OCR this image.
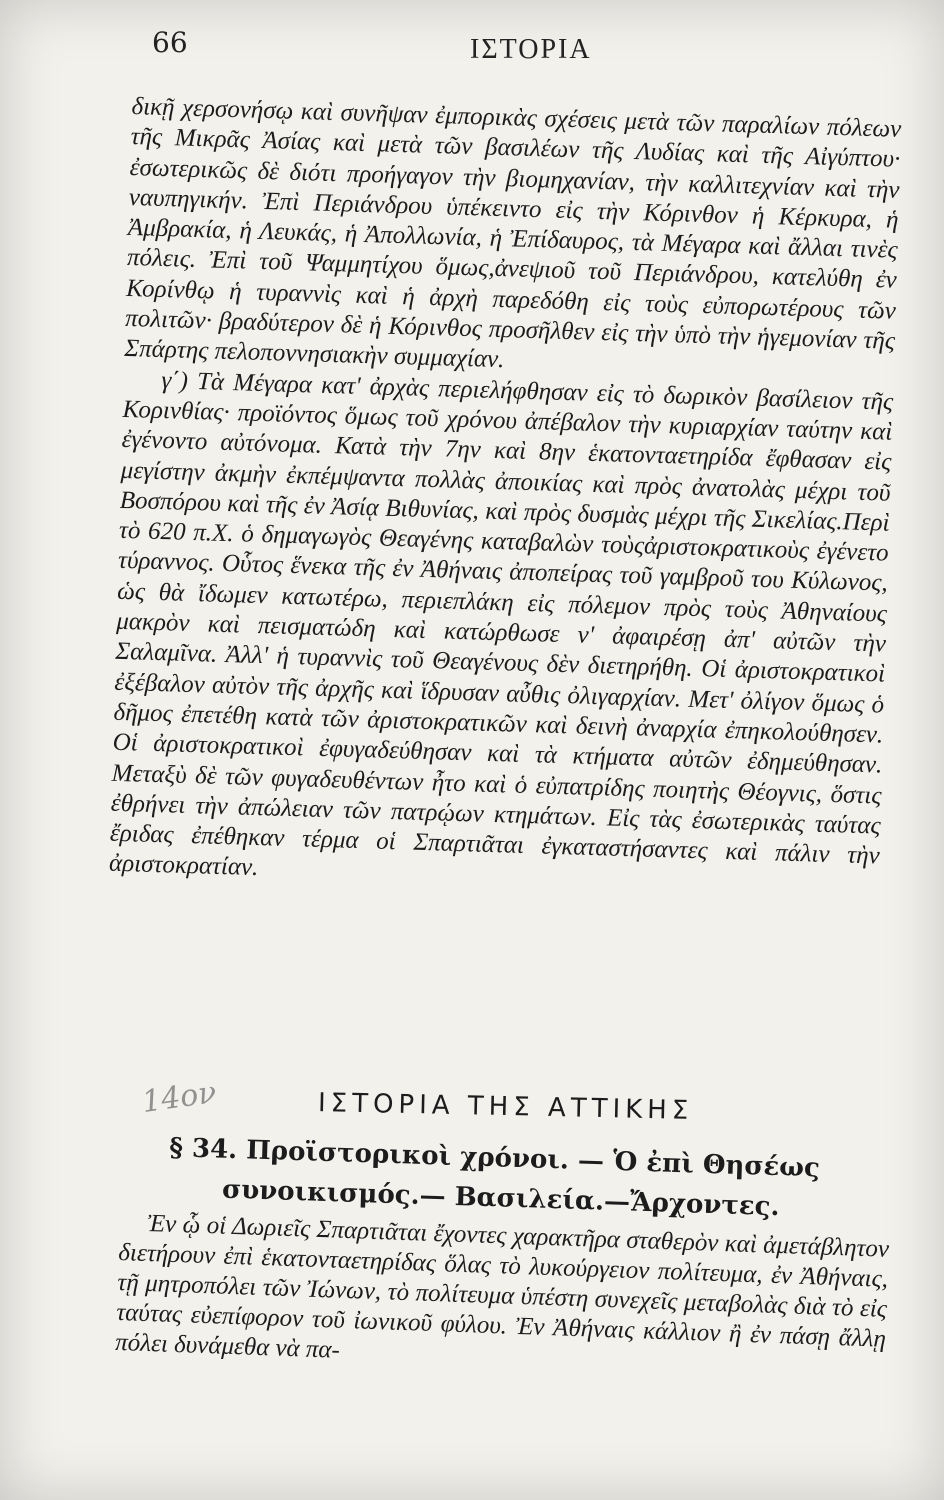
66	ΙΣΤΟΡΙΑ

δικῇ χερσονήσῳ καὶ συνῆψαν ἐμπορικὰς σχέσεις μετὰ τῶν παραλίων πόλεων τῆς Μικρᾶς Ἀσίας καὶ μετὰ τῶν βασιλέων τῆς Λυδίας καὶ τῆς Αἰγύπτου· ἐσωτερικῶς δὲ διότι προήγαγον τὴν βιομηχανίαν, τὴν καλλιτεχνίαν καὶ τὴν ναυπηγικήν. Ἐπὶ Περιάνδρου ὑπέκειντο εἰς τὴν Κόρινθον ἡ Κέρκυρα, ἡ Ἀμβρακία, ἡ Λευκάς, ἡ Ἀπολλωνία, ἡ Ἐπίδαυρος, τὰ Μέγαρα καὶ ἄλλαι τινὲς πόλεις. Ἐπὶ τοῦ Ψαμμητίχου ὅμως,ἀνεψιοῦ τοῦ Περιάνδρου, κατελύθη ἐν Κορίνθῳ ἡ τυραννὶς καὶ ἡ ἀρχὴ παρεδόθη εἰς τοὺς εὐπορωτέρους τῶν πολιτῶν· βραδύτερον δὲ ἡ Κόρινθος προσῆλθεν εἰς τὴν ὑπὸ τὴν ἡγεμονίαν τῆς Σπάρτης πελοποννησιακὴν συμμαχίαν.

γ΄) Τὰ Μέγαρα κατ' ἀρχὰς περιελήφθησαν εἰς τὸ δωρικὸν βασίλειον τῆς Κορινθίας· προϊόντος ὅμως τοῦ χρόνου ἀπέβαλον τὴν κυριαρχίαν ταύτην καὶ ἐγένοντο αὐτόνομα. Κατὰ τὴν 7ην καὶ 8ην ἑκατονταετηρίδα ἔφθασαν εἰς μεγίστην ἀκμὴν ἐκπέμψαντα πολλὰς ἀποικίας καὶ πρὸς ἀνατολὰς μέχρι τοῦ Βοσπόρου καὶ τῆς ἐν Ἀσίᾳ Βιθυνίας, καὶ πρὸς δυσμὰς μέχρι τῆς Σικελίας.Περὶ τὸ 620 π.Χ. ὁ δημαγωγὸς Θεαγένης καταβαλὼν τοὺςἀριστοκρατικοὺς ἐγένετο τύραννος. Οὗτος ἕνεκα τῆς ἐν Ἀθήναις ἀποπείρας τοῦ γαμβροῦ του Κύλωνος, ὡς θὰ ἴδωμεν κατωτέρω, περιεπλάκη εἰς πόλεμον πρὸς τοὺς Ἀθηναίους μακρὸν καὶ πεισματώδη καὶ κατώρθωσε ν' ἀφαιρέσῃ ἀπ' αὐτῶν τὴν Σαλαμῖνα. Ἀλλ' ἡ τυραννὶς τοῦ Θεαγένους δὲν διετηρήθη. Οἱ ἀριστοκρατικοὶ ἐξέβαλον αὐτὸν τῆς ἀρχῆς καὶ ἵδρυσαν αὖθις ὀλιγαρχίαν. Μετ' ὀλίγον ὅμως ὁ δῆμος ἐπετέθη κατὰ τῶν ἀριστοκρατικῶν καὶ δεινὴ ἀναρχία ἐπηκολούθησεν. Οἱ ἀριστοκρατικοὶ ἐφυγαδεύθησαν καὶ τὰ κτήματα αὐτῶν ἐδημεύθησαν. Μεταξὺ δὲ τῶν φυγαδευθέντων ἦτο καὶ ὁ εὐπατρίδης ποιητὴς Θέογνις, ὅστις ἐθρήνει τὴν ἀπώλειαν τῶν πατρῴων κτημάτων. Εἰς τὰς ἐσωτερικὰς ταύτας ἔριδας ἐπέθηκαν τέρμα οἱ Σπαρτιᾶται ἐγκαταστήσαντες καὶ πάλιν τὴν ἀριστοκρατίαν.

14ον	ΙΣΤΟΡΙΑ ΤΗΣ ΑΤΤΙΚΗΣ
§ 34. Προϊστορικοὶ χρόνοι. — Ὁ ἐπὶ Θησέως
συνοικισμός.— Βασιλεία.—Ἄρχοντες.
Ἐν ᾧ οἱ Δωριεῖς Σπαρτιᾶται ἔχοντες χαρακτῆρα σταθερὸν καὶ ἀμετάβλητον διετήρουν ἐπὶ ἑκατονταετηρίδας ὅλας τὸ λυκούργειον πολίτευμα, ἐν Ἀθήναις, τῇ μητροπόλει τῶν Ἰώνων, τὸ πολίτευμα ὑπέστη συνεχεῖς μεταβολὰς διὰ τὸ εἰς ταύτας εὐεπίφορον τοῦ ἰωνικοῦ φύλου. Ἐν Ἀθήναις κάλλιον ἢ ἐν πάσῃ ἄλλῃ πόλει δυνάμεθα νὰ πα-
